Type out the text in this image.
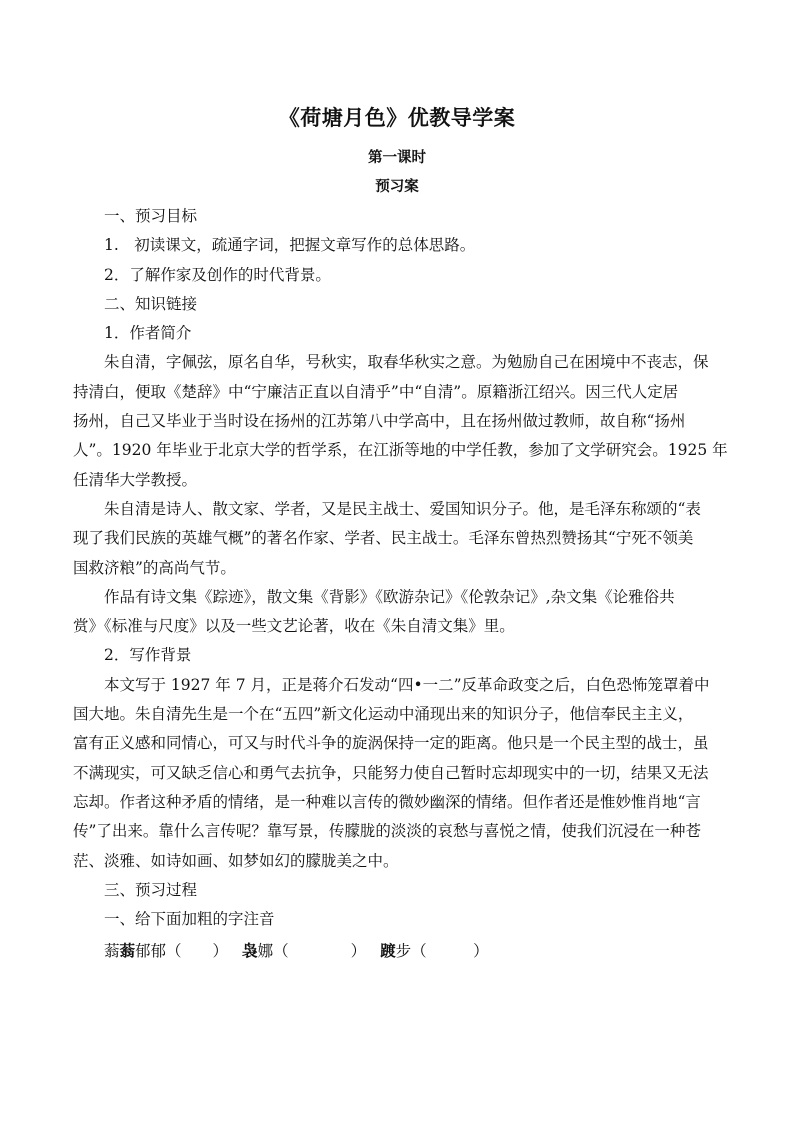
《荷塘月色》优教导学案
第一课时
预习案

一、预习目标

1.　初读课文，疏通字词，把握文章写作的总体思路。

2．了解作家及创作的时代背景。

二、知识链接

1．作者简介

朱自清，字佩弦，原名自华，号秋实，取春华秋实之意。为勉励自己在困境中不丧志，保

持清白，便取《楚辞》中“宁廉洁正直以自清乎”中“自清”。原籍浙江绍兴。因三代人定居

扬州，自己又毕业于当时设在扬州的江苏第八中学高中，且在扬州做过教师，故自称“扬州

人”。1920 年毕业于北京大学的哲学系，在江浙等地的中学任教，参加了文学研究会。1925 年

任清华大学教授。

朱自清是诗人、散文家、学者，又是民主战士、爱国知识分子。他，是毛泽东称颂的“表

现了我们民族的英雄气概”的著名作家、学者、民主战士。毛泽东曾热烈赞扬其“宁死不领美

国救济粮”的高尚气节。

作品有诗文集《踪迹》，散文集《背影》《欧游杂记》《伦敦杂记》,杂文集《论雅俗共

赏》《标准与尺度》以及一些文艺论著，收在《朱自清文集》里。

2．写作背景

本文写于 1927 年 7 月，正是蒋介石发动“四•一二”反革命政变之后，白色恐怖笼罩着中

国大地。朱自清先生是一个在“五四”新文化运动中涌现出来的知识分子，他信奉民主主义，

富有正义感和同情心，可又与时代斗争的旋涡保持一定的距离。他只是一个民主型的战士，虽

不满现实，可又缺乏信心和勇气去抗争，只能努力使自己暂时忘却现实中的一切，结果又无法

忘却。作者这种矛盾的情绪，是一种难以言传的微妙幽深的情绪。但作者还是惟妙惟肖地“言

传”了出来。靠什么言传呢？靠写景，传朦胧的淡淡的哀愁与喜悦之情，使我们沉浸在一种苍

茫、淡雅、如诗如画、如梦如幻的朦胧美之中。

三、预习过程

一、给下面加粗的字注音

蓊蓊郁郁（　　） 袅娜（　　　　） 踱步（　　　）
